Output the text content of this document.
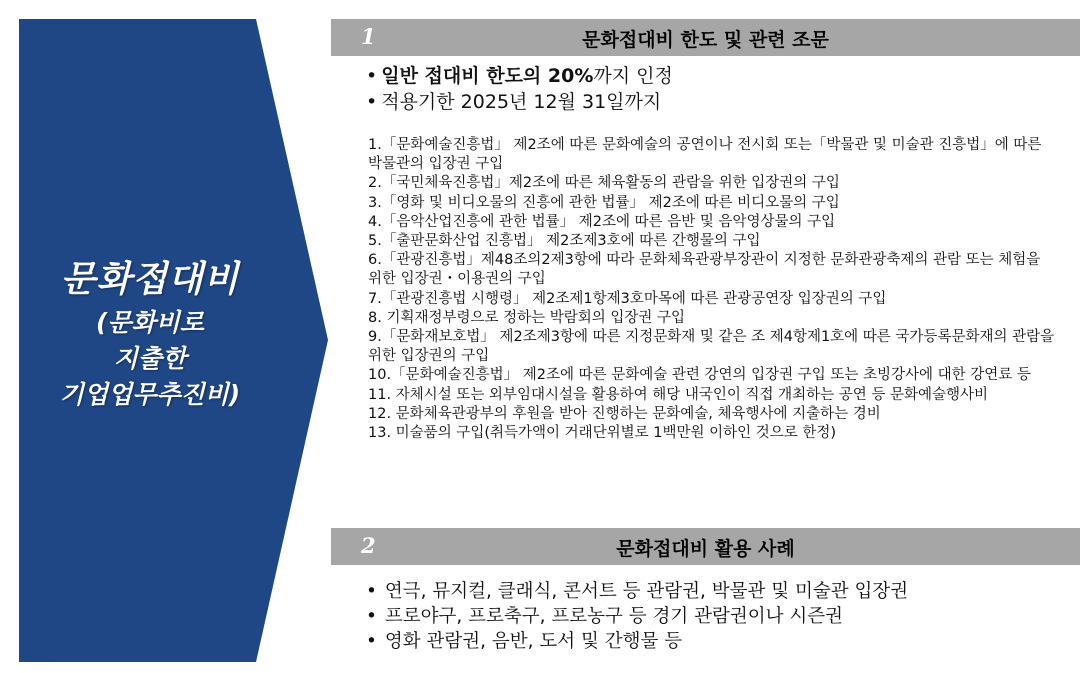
문화접대비
(문화비로
지출한
기업업무추진비)
1	문화접대비 한도 및 관련 조문
• 일반 접대비 한도의 20%까지 인정
• 적용기한 2025년 12월 31일까지
1.「문화예술진흥법」 제2조에 따른 문화예술의 공연이나 전시회 또는「박물관 및 미술관 진흥법」에 따른 박물관의 입장권 구입
2.「국민체육진흥법」제2조에 따른 체육활동의 관람을 위한 입장권의 구입
3.「영화 및 비디오물의 진흥에 관한 법률」 제2조에 따른 비디오물의 구입
4.「음악산업진흥에 관한 법률」 제2조에 따른 음반 및 음악영상물의 구입
5.「출판문화산업 진흥법」 제2조제3호에 따른 간행물의 구입
6.「관광진흥법」제48조의2제3항에 따라 문화체육관광부장관이 지정한 문화관광축제의 관람 또는 체험을 위한 입장권・이용권의 구입
7.「관광진흥법 시행령」 제2조제1항제3호마목에 따른 관광공연장 입장권의 구입
8. 기획재정부령으로 정하는 박람회의 입장권 구입
9.「문화재보호법」 제2조제3항에 따른 지정문화재 및 같은 조 제4항제1호에 따른 국가등록문화재의 관람을 위한 입장권의 구입
10.「문화예술진흥법」 제2조에 따른 문화예술 관련 강연의 입장권 구입 또는 초빙강사에 대한 강연료 등
11. 자체시설 또는 외부임대시설을 활용하여 해당 내국인이 직접 개최하는 공연 등 문화예술행사비
12. 문화체육관광부의 후원을 받아 진행하는 문화예술, 체육행사에 지출하는 경비
13. 미술품의 구입(취득가액이 거래단위별로 1백만원 이하인 것으로 한정)
2	문화접대비 활용 사례
• 연극, 뮤지컬, 클래식, 콘서트 등 관람권, 박물관 및 미술관 입장권
• 프로야구, 프로축구, 프로농구 등 경기 관람권이나 시즌권
• 영화 관람권, 음반, 도서 및 간행물 등
